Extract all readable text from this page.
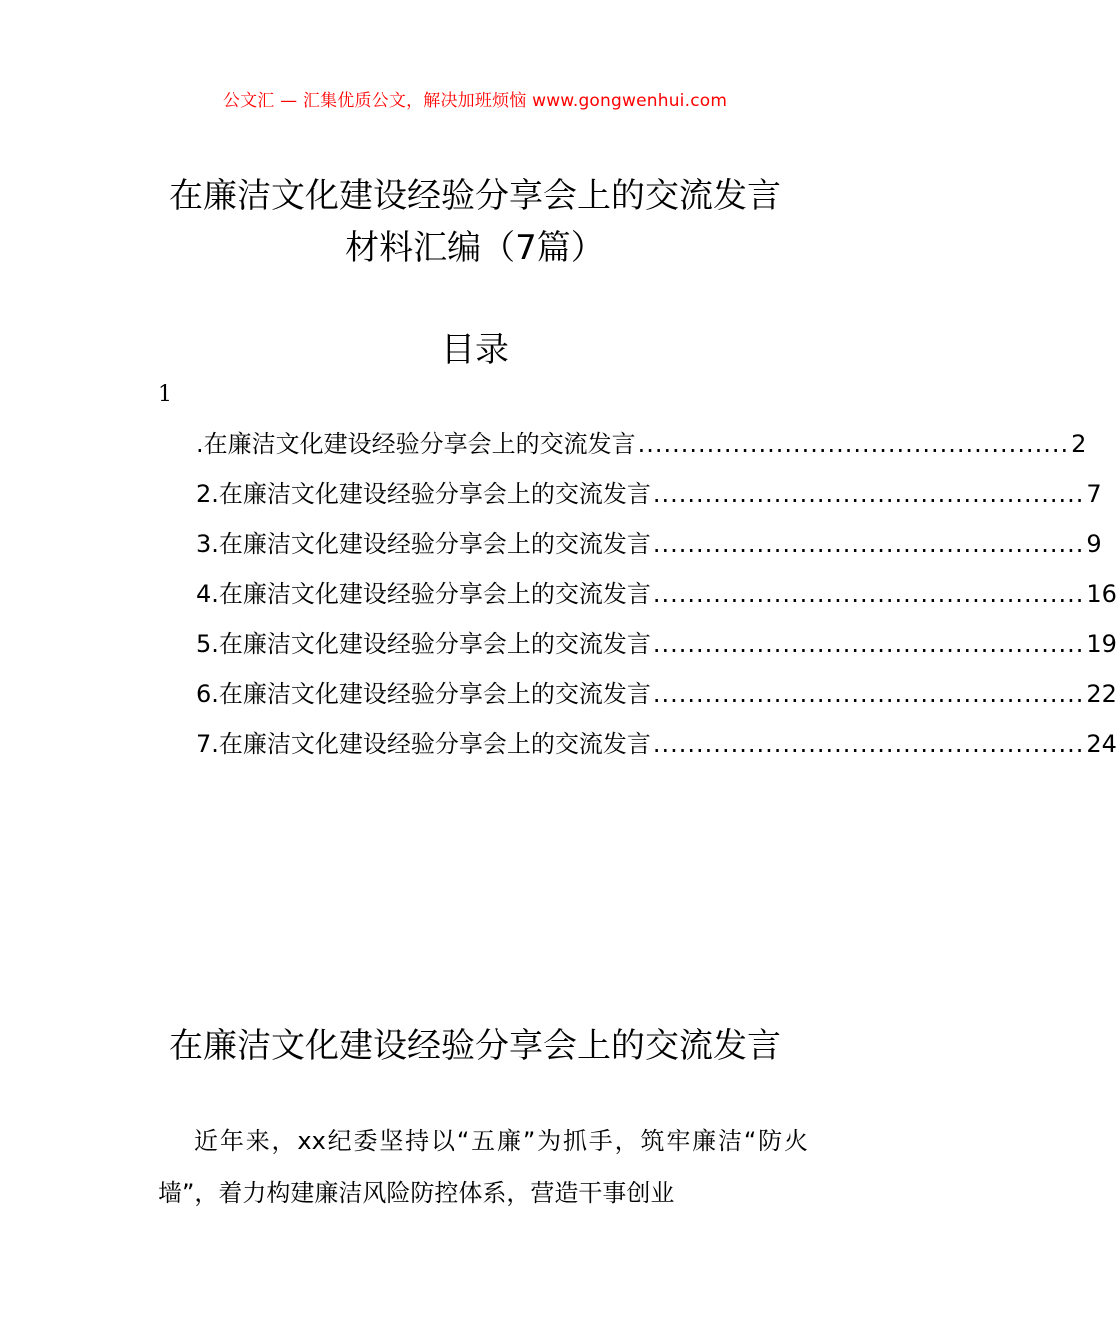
公文汇 — 汇集优质公文，解决加班烦恼 www.gongwenhui.com
在廉洁文化建设经验分享会上的交流发言
材料汇编（7篇）
目录
1
.在廉洁文化建设经验分享会上的交流发言 .................................................. 2
2.在廉洁文化建设经验分享会上的交流发言 .................................................. 7
3.在廉洁文化建设经验分享会上的交流发言 .................................................. 9
4.在廉洁文化建设经验分享会上的交流发言 .................................................. 16
5.在廉洁文化建设经验分享会上的交流发言 .................................................. 19
6.在廉洁文化建设经验分享会上的交流发言 .................................................. 22
7.在廉洁文化建设经验分享会上的交流发言 .................................................. 24
在廉洁文化建设经验分享会上的交流发言

近年来，xx纪委坚持以“五廉”为抓手，筑牢廉洁“防火墙”，着力构建廉洁风险防控体系，营造干事创业
